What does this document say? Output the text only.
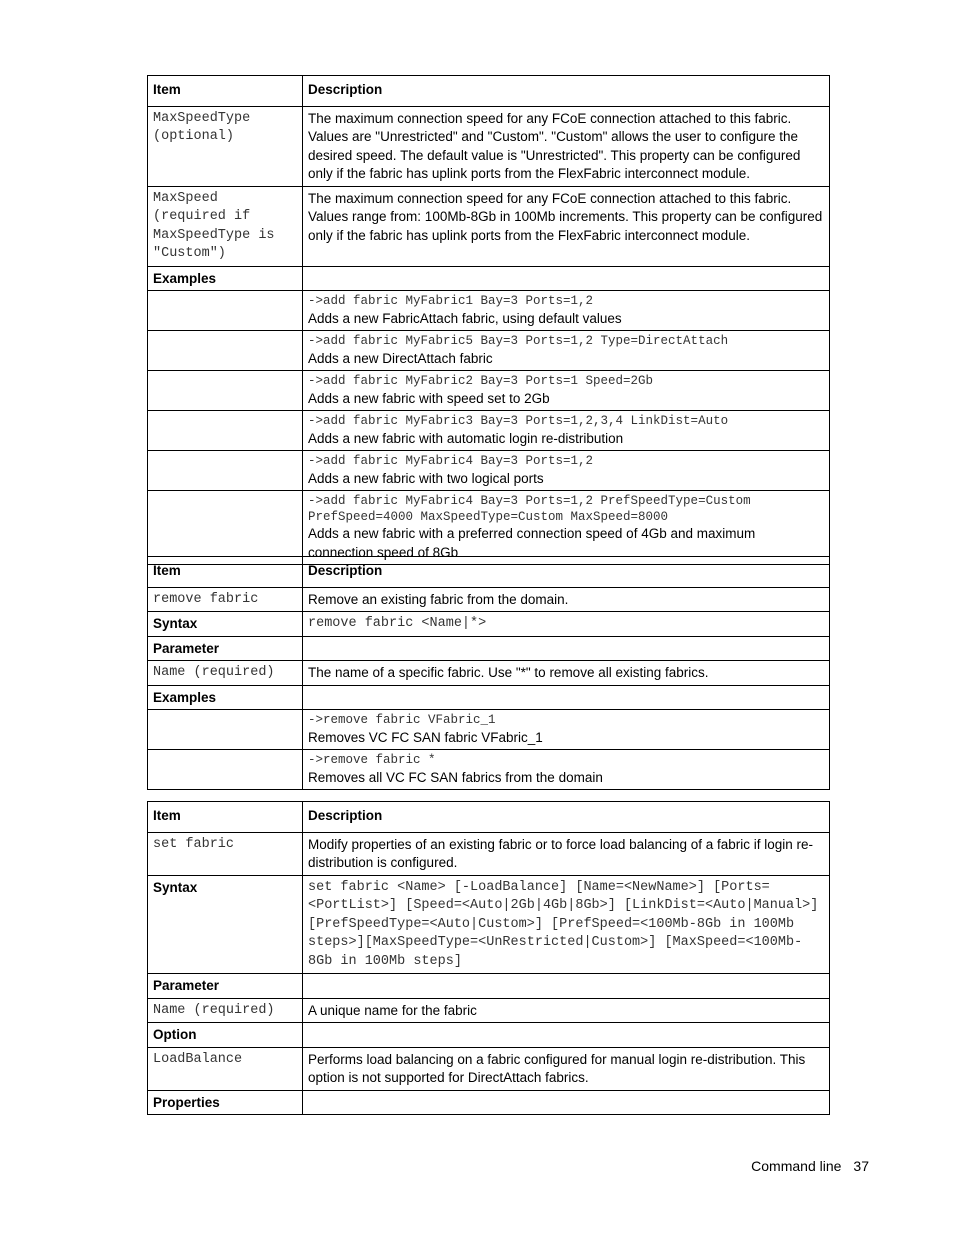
Item	Description
MaxSpeedType (optional)	The maximum connection speed for any FCoE connection attached to this fabric. Values are "Unrestricted" and "Custom". "Custom" allows the user to configure the desired speed. The default value is "Unrestricted". This property can be configured only if the fabric has uplink ports from the FlexFabric interconnect module.
MaxSpeed (required if MaxSpeedType is "Custom")	The maximum connection speed for any FCoE connection attached to this fabric. Values range from: 100Mb-8Gb in 100Mb increments. This property can be configured only if the fabric has uplink ports from the FlexFabric interconnect module.
Examples	

	->add fabric MyFabric1 Bay=3 Ports=1,2
Adds a new FabricAttach fabric, using default values

	->add fabric MyFabric5 Bay=3 Ports=1,2 Type=DirectAttach
Adds a new DirectAttach fabric

	->add fabric MyFabric2 Bay=3 Ports=1 Speed=2Gb
Adds a new fabric with speed set to 2Gb

	->add fabric MyFabric3 Bay=3 Ports=1,2,3,4 LinkDist=Auto
Adds a new fabric with automatic login re-distribution

	->add fabric MyFabric4 Bay=3 Ports=1,2
Adds a new fabric with two logical ports

	->add fabric MyFabric4 Bay=3 Ports=1,2 PrefSpeedType=Custom PrefSpeed=4000 MaxSpeedType=Custom MaxSpeed=8000
Adds a new fabric with a preferred connection speed of 4Gb and maximum connection speed of 8Gb
Item	Description
remove fabric	Remove an existing fabric from the domain.
Syntax	remove fabric <Name|*>
Parameter	
Name (required)	The name of a specific fabric. Use "*" to remove all existing fabrics.
Examples	

	->remove fabric VFabric_1
Removes VC FC SAN fabric VFabric_1

	->remove fabric *
Removes all VC FC SAN fabrics from the domain
Item	Description
set fabric	Modify properties of an existing fabric or to force load balancing of a fabric if login re-distribution is configured.
Syntax	set fabric <Name> [-LoadBalance] [Name=<NewName>] [Ports=<PortList>] [Speed=<Auto|2Gb|4Gb|8Gb>] [LinkDist=<Auto|Manual>][PrefSpeedType=<Auto|Custom>] [PrefSpeed=<100Mb-8Gb in 100Mb steps>][MaxSpeedType=<UnRestricted|Custom>] [MaxSpeed=<100Mb-8Gb in 100Mb steps]
Parameter	
Name (required)	A unique name for the fabric
Option	
LoadBalance	Performs load balancing on a fabric configured for manual login re-distribution. This option is not supported for DirectAttach fabrics.
Properties	
Command line 37
